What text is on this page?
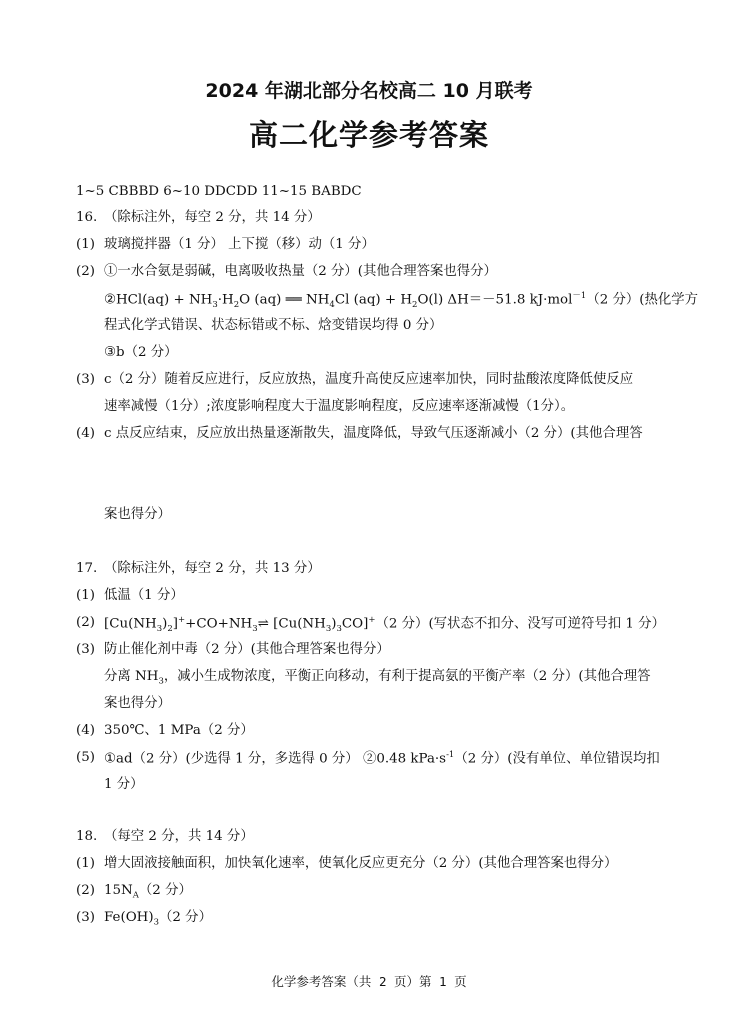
2024 年湖北部分名校高二 10 月联考
高二化学参考答案
1~5 CBBBD 6~10 DDCDD 11~15 BABDC
16. （除标注外，每空 2 分，共 14 分）
(1) 玻璃搅拌器（1 分） 上下搅（移）动（1 分）
(2) ①一水合氨是弱碱，电离吸收热量（2 分）(其他合理答案也得分）
②HCl(aq) + $NH_3\cdot H_2O$ (aq) ══ $NH_4Cl$ $(aq) + H_2O(l)$ ΔH＝－51.8 kJ·mol$^{-1}$（2 分）(热化学方
程式化学式错误、状态标错或不标、焓变错误均得 0 分）
③b（2 分）
(3) c（2 分）随着反应进行，反应放热，温度升高使反应速率加快，同时盐酸浓度降低使反应
速率减慢（1分）;浓度影响程度大于温度影响程度，反应速率逐渐减慢（1分）。
(4) c 点反应结束，反应放出热量逐渐散失，温度降低，导致气压逐渐减小（2 分）(其他合理答
案也得分）
17. （除标注外，每空 2 分，共 13 分）
(1) 低温（1 分）
(2) $[Cu(NH_3)_2]^++CO+NH_3\rightleftharpoons$ $[Cu(NH_3)_3CO]^+(2$ 分）(写状态不扣分、没写可逆符号扣 1 分）
(3) 防止催化剂中毒（2 分）(其他合理答案也得分）
分离 $NH_3$，减小生成物浓度，平衡正向移动，有利于提高氨的平衡产率（2 分）(其他合理答
案也得分）
(4) 350℃、1 MPa（2 分）
(5) ①ad（2 分）(少选得 1 分，多选得 0 分） ②0.48 $kPa\cdot s^{-1}(2$ 分）(没有单位、单位错误均扣
1 分）
18. （每空 2 分，共 14 分）
(1) 增大固液接触面积，加快氧化速率，使氧化反应更充分（2 分）(其他合理答案也得分）
(2) $15N_A(2$ 分）
(3) $Fe(OH)_3(2$ 分）
化学参考答案（共 2 页）第 1 页
